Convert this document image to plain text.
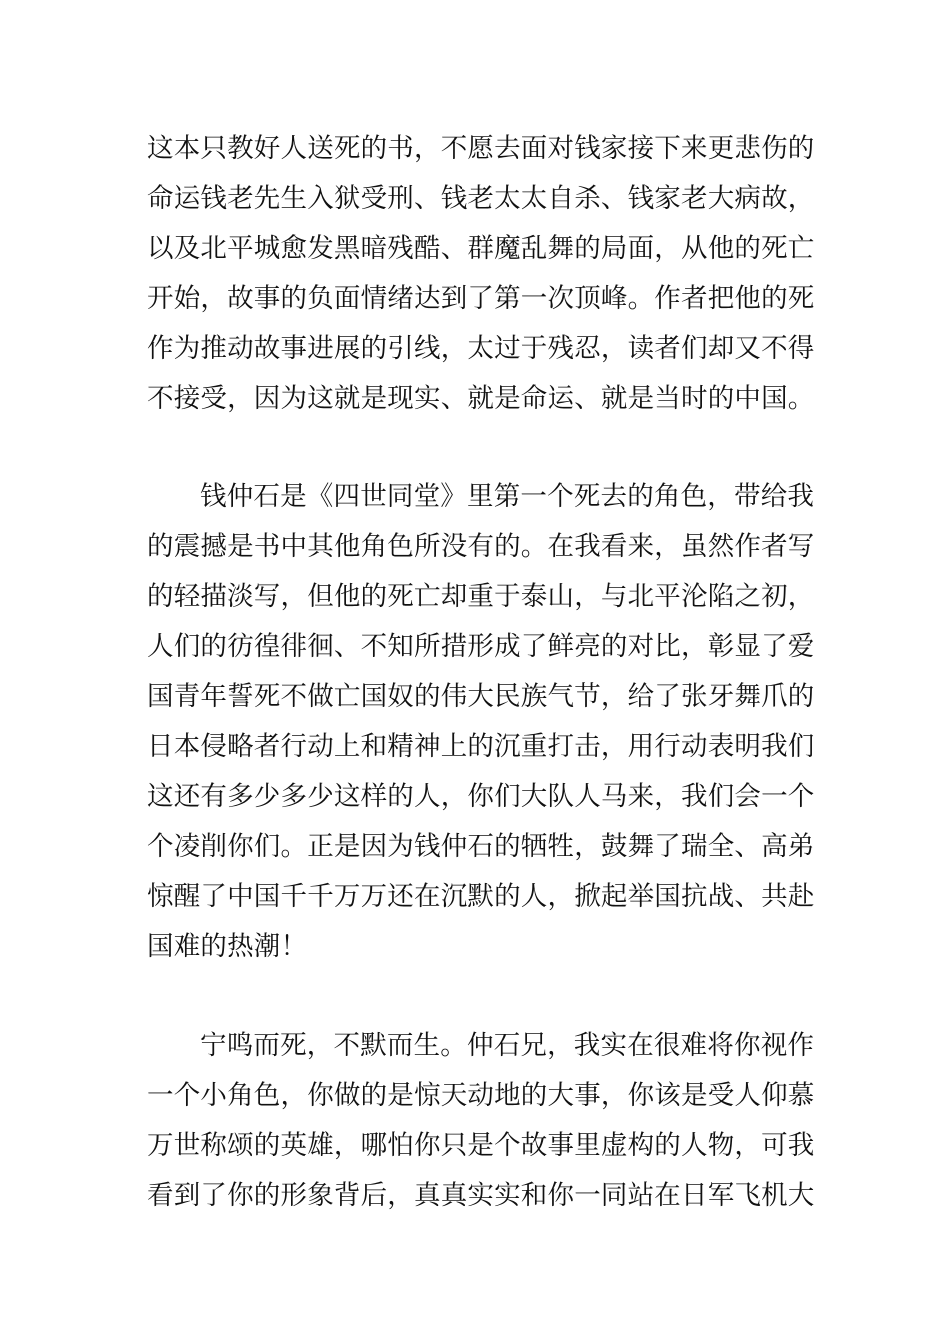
这本只教好人送死的书，不愿去面对钱家接下来更悲伤的
命运钱老先生入狱受刑、钱老太太自杀、钱家老大病故，
以及北平城愈发黑暗残酷、群魔乱舞的局面，从他的死亡
开始，故事的负面情绪达到了第一次顶峰。作者把他的死
作为推动故事进展的引线，太过于残忍，读者们却又不得
不接受，因为这就是现实、就是命运、就是当时的中国。
钱仲石是《四世同堂》里第一个死去的角色，带给我
的震撼是书中其他角色所没有的。在我看来，虽然作者写
的轻描淡写，但他的死亡却重于泰山，与北平沦陷之初，
人们的彷徨徘徊、不知所措形成了鲜亮的对比，彰显了爱
国青年誓死不做亡国奴的伟大民族气节，给了张牙舞爪的
日本侵略者行动上和精神上的沉重打击，用行动表明我们
这还有多少多少这样的人，你们大队人马来，我们会一个
个凌削你们。正是因为钱仲石的牺牲，鼓舞了瑞全、高弟
惊醒了中国千千万万还在沉默的人，掀起举国抗战、共赴
国难的热潮！
宁鸣而死，不默而生。仲石兄，我实在很难将你视作
一个小角色，你做的是惊天动地的大事，你该是受人仰慕
万世称颂的英雄，哪怕你只是个故事里虚构的人物，可我
看到了你的形象背后，真真实实和你一同站在日军飞机大
